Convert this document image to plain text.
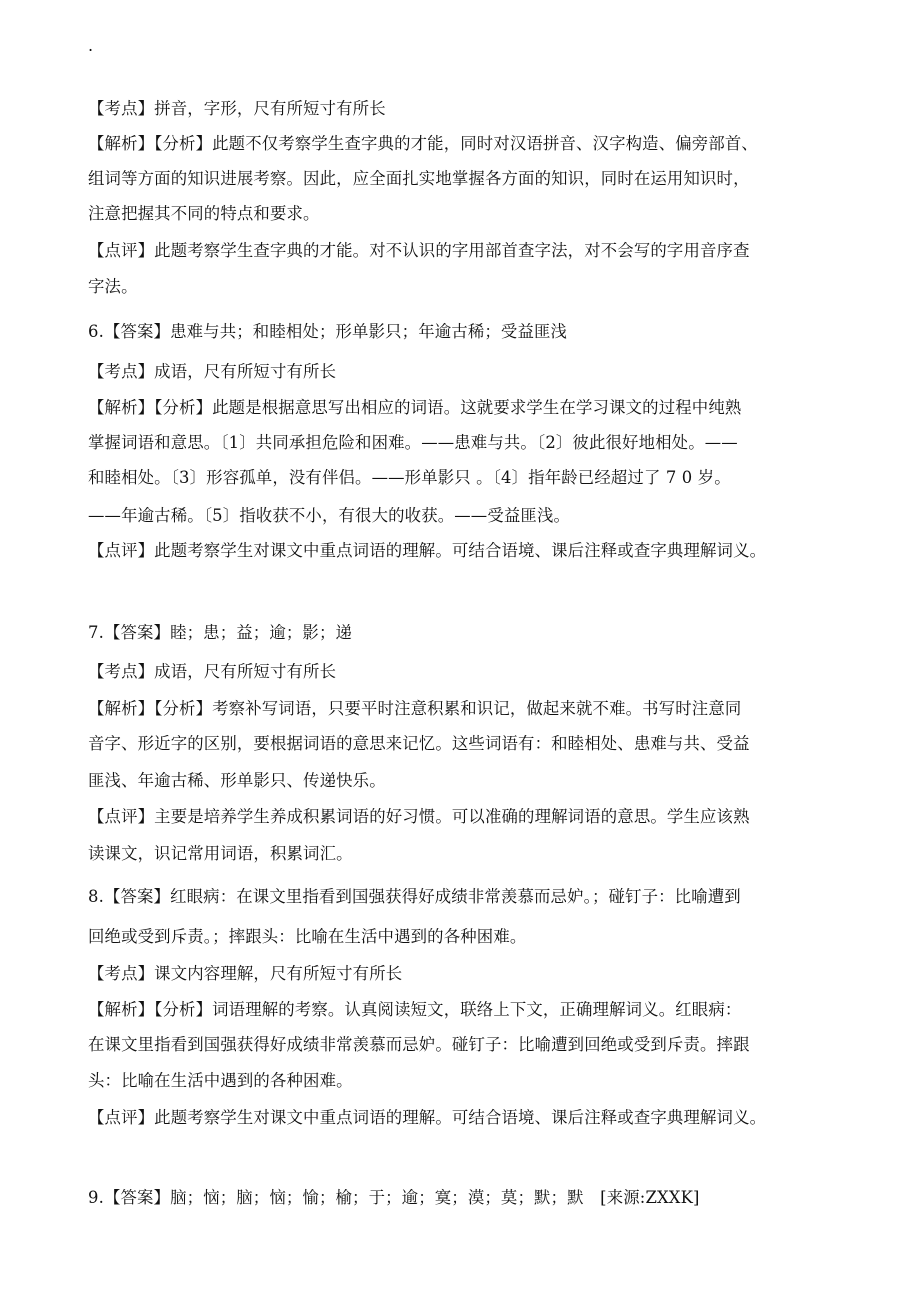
.
【考点】拼音，字形，尺有所短寸有所长
【解析】【分析】此题不仅考察学生查字典的才能，同时对汉语拼音、汉字构造、偏旁部首、
组词等方面的知识进展考察。因此，应全面扎实地掌握各方面的知识，同时在运用知识时，
注意把握其不同的特点和要求。
【点评】此题考察学生查字典的才能。对不认识的字用部首查字法，对不会写的字用音序查
字法。
6.【答案】患难与共；和睦相处；形单影只；年逾古稀；受益匪浅
【考点】成语，尺有所短寸有所长
【解析】【分析】此题是根据意思写出相应的词语。这就要求学生在学习课文的过程中纯熟
掌握词语和意思。〔1〕共同承担危险和困难。——患难与共。〔2〕彼此很好地相处。——
和睦相处。〔3〕形容孤单，没有伴侣。——形单影只 。〔4〕指年龄已经超过了 7 0 岁。
——年逾古稀。〔5〕指收获不小，有很大的收获。——受益匪浅。
【点评】此题考察学生对课文中重点词语的理解。可结合语境、课后注释或查字典理解词义。
7.【答案】睦；患；益；逾；影；递
【考点】成语，尺有所短寸有所长
【解析】【分析】考察补写词语，只要平时注意积累和识记，做起来就不难。书写时注意同
音字、形近字的区别，要根据词语的意思来记忆。这些词语有：和睦相处、患难与共、受益
匪浅、年逾古稀、形单影只、传递快乐。
【点评】主要是培养学生养成积累词语的好习惯。可以准确的理解词语的意思。学生应该熟
读课文，识记常用词语，积累词汇。
8.【答案】红眼病：在课文里指看到国强获得好成绩非常羡慕而忌妒。；碰钉子：比喻遭到
回绝或受到斥责。；摔跟头：比喻在生活中遇到的各种困难。
【考点】课文内容理解，尺有所短寸有所长
【解析】【分析】词语理解的考察。认真阅读短文，联络上下文，正确理解词义。红眼病：
在课文里指看到国强获得好成绩非常羡慕而忌妒。碰钉子：比喻遭到回绝或受到斥责。摔跟
头：比喻在生活中遇到的各种困难。
【点评】此题考察学生对课文中重点词语的理解。可结合语境、课后注释或查字典理解词义。
9.【答案】脑；恼；脑；恼；愉；榆；于；逾；寞；漠；莫；默；默　[来源:ZXXK]
